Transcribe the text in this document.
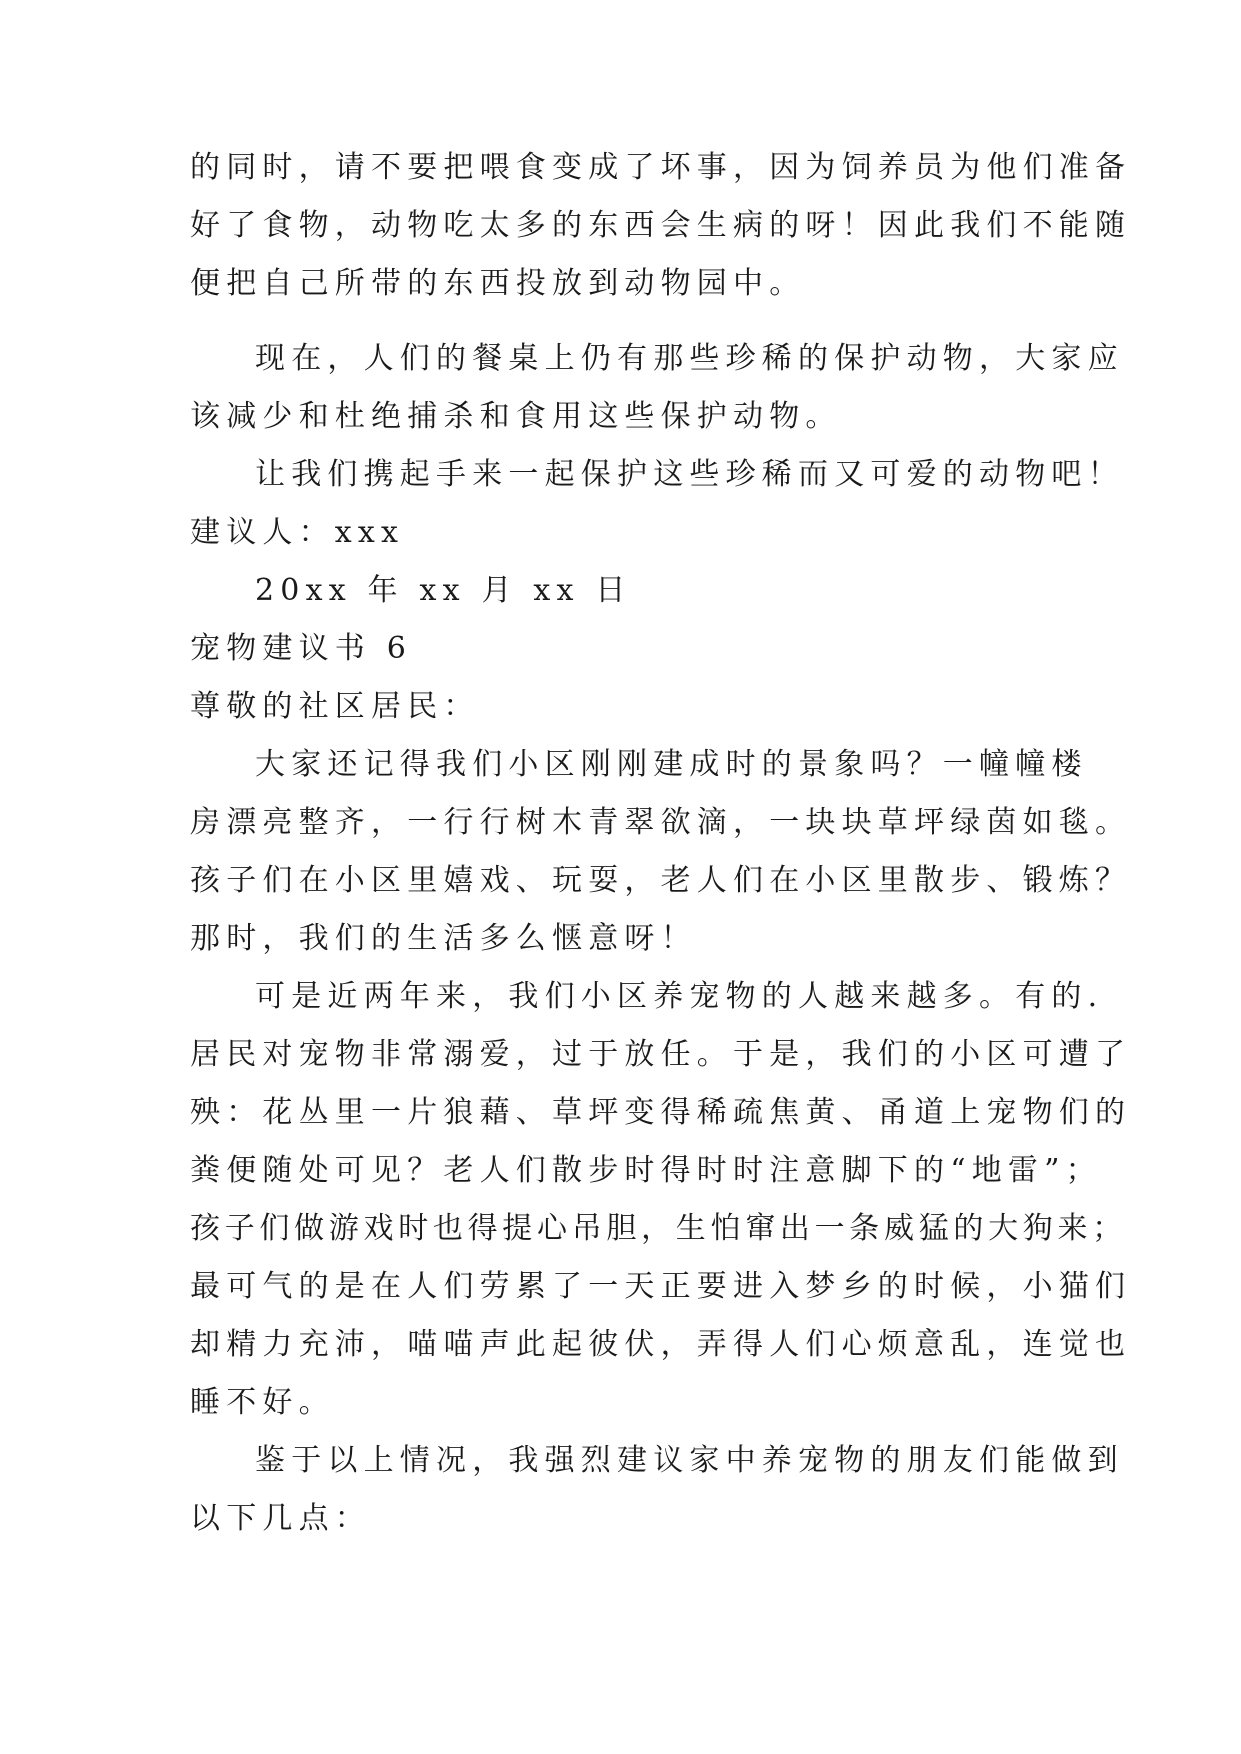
的同时，请不要把喂食变成了坏事，因为饲养员为他们准备
好了食物，动物吃太多的东西会生病的呀！因此我们不能随
便把自己所带的东西投放到动物园中。
现在，人们的餐桌上仍有那些珍稀的保护动物，大家应
该减少和杜绝捕杀和食用这些保护动物。
让我们携起手来一起保护这些珍稀而又可爱的动物吧！
建议人：xxx
20xx 年 xx 月 xx 日
宠物建议书 6
尊敬的社区居民：
大家还记得我们小区刚刚建成时的景象吗？一幢幢楼
房漂亮整齐，一行行树木青翠欲滴，一块块草坪绿茵如毯。
孩子们在小区里嬉戏、玩耍，老人们在小区里散步、锻炼？
那时，我们的生活多么惬意呀！
可是近两年来，我们小区养宠物的人越来越多。有的.
居民对宠物非常溺爱，过于放任。于是，我们的小区可遭了
殃：花丛里一片狼藉、草坪变得稀疏焦黄、甬道上宠物们的
粪便随处可见？老人们散步时得时时注意脚下的“地雷”；
孩子们做游戏时也得提心吊胆，生怕窜出一条威猛的大狗来；
最可气的是在人们劳累了一天正要进入梦乡的时候，小猫们
却精力充沛，喵喵声此起彼伏，弄得人们心烦意乱，连觉也
睡不好。
鉴于以上情况，我强烈建议家中养宠物的朋友们能做到
以下几点：
